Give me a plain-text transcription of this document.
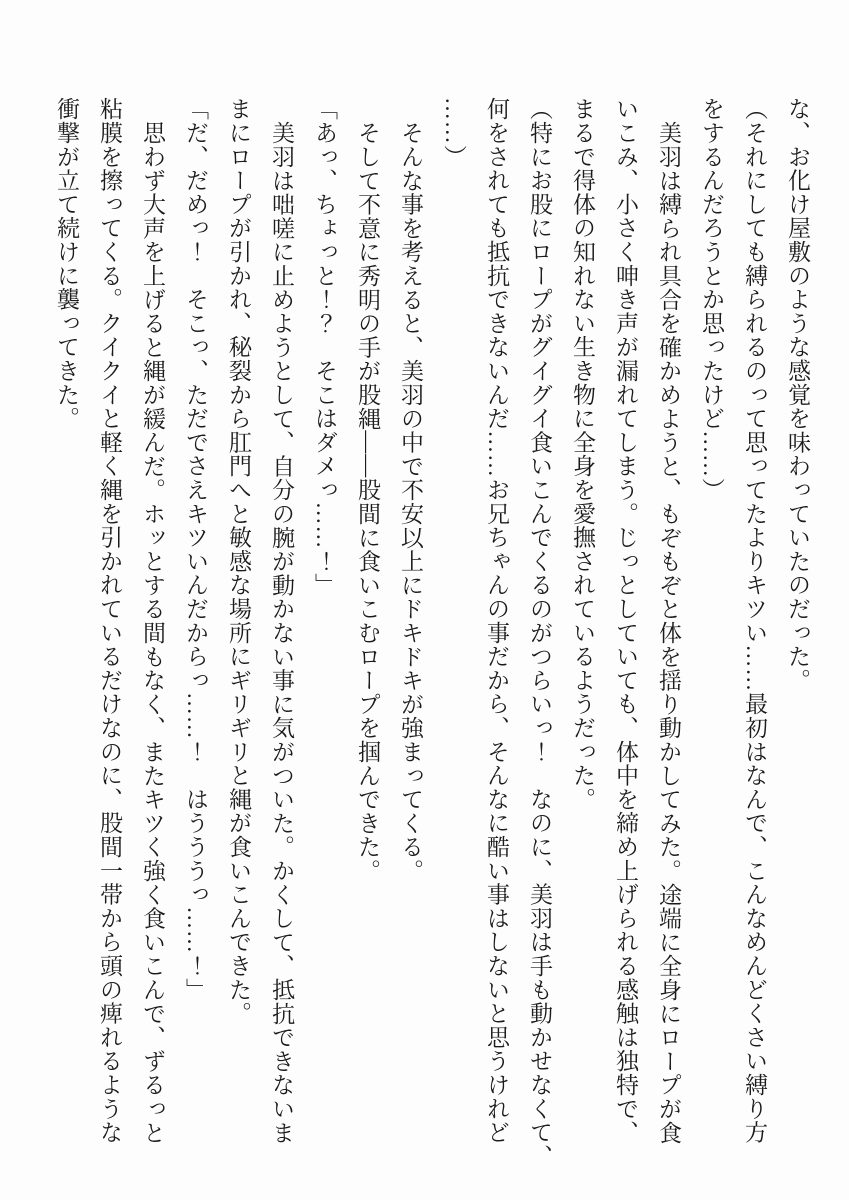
な、お化け屋敷のような感覚を味わっていたのだった。

（それにしても縛られるのって思ってたよりキツい……最初はなんで、こんなめんどくさい縛り方

をするんだろうとか思ったけど……）

美羽は縛られ具合を確かめようと、もぞもぞと体を揺り動かしてみた。途端に全身にロープが食

いこみ、小さく呻き声が漏れてしまう。じっとしていても、体中を締め上げられる感触は独特で、

まるで得体の知れない生き物に全身を愛撫されているようだった。

（特にお股にロープがグイグイ食いこんでくるのがつらいっ！　なのに、美羽は手も動かせなくて、

何をされても抵抗できないんだ……お兄ちゃんの事だから、そんなに酷い事はしないと思うけれど

……）

そんな事を考えると、美羽の中で不安以上にドキドキが強まってくる。

そして不意に秀明の手が股縄――股間に食いこむロープを掴んできた。

「あっ、ちょっと！？　そこはダメっ……！」

美羽は咄嗟に止めようとして、自分の腕が動かない事に気がついた。かくして、抵抗できないま

まにロープが引かれ、秘裂から肛門へと敏感な場所にギリギリと縄が食いこんできた。

「だ、だめっ！　そこっ、ただでさえキツいんだからっ……！　はうううっ……！」

思わず大声を上げると縄が緩んだ。ホッとする間もなく、またキツく強く食いこんで、ずるっと

粘膜を擦ってくる。クイクイと軽く縄を引かれているだけなのに、股間一帯から頭の痺れるような

衝撃が立て続けに襲ってきた。
